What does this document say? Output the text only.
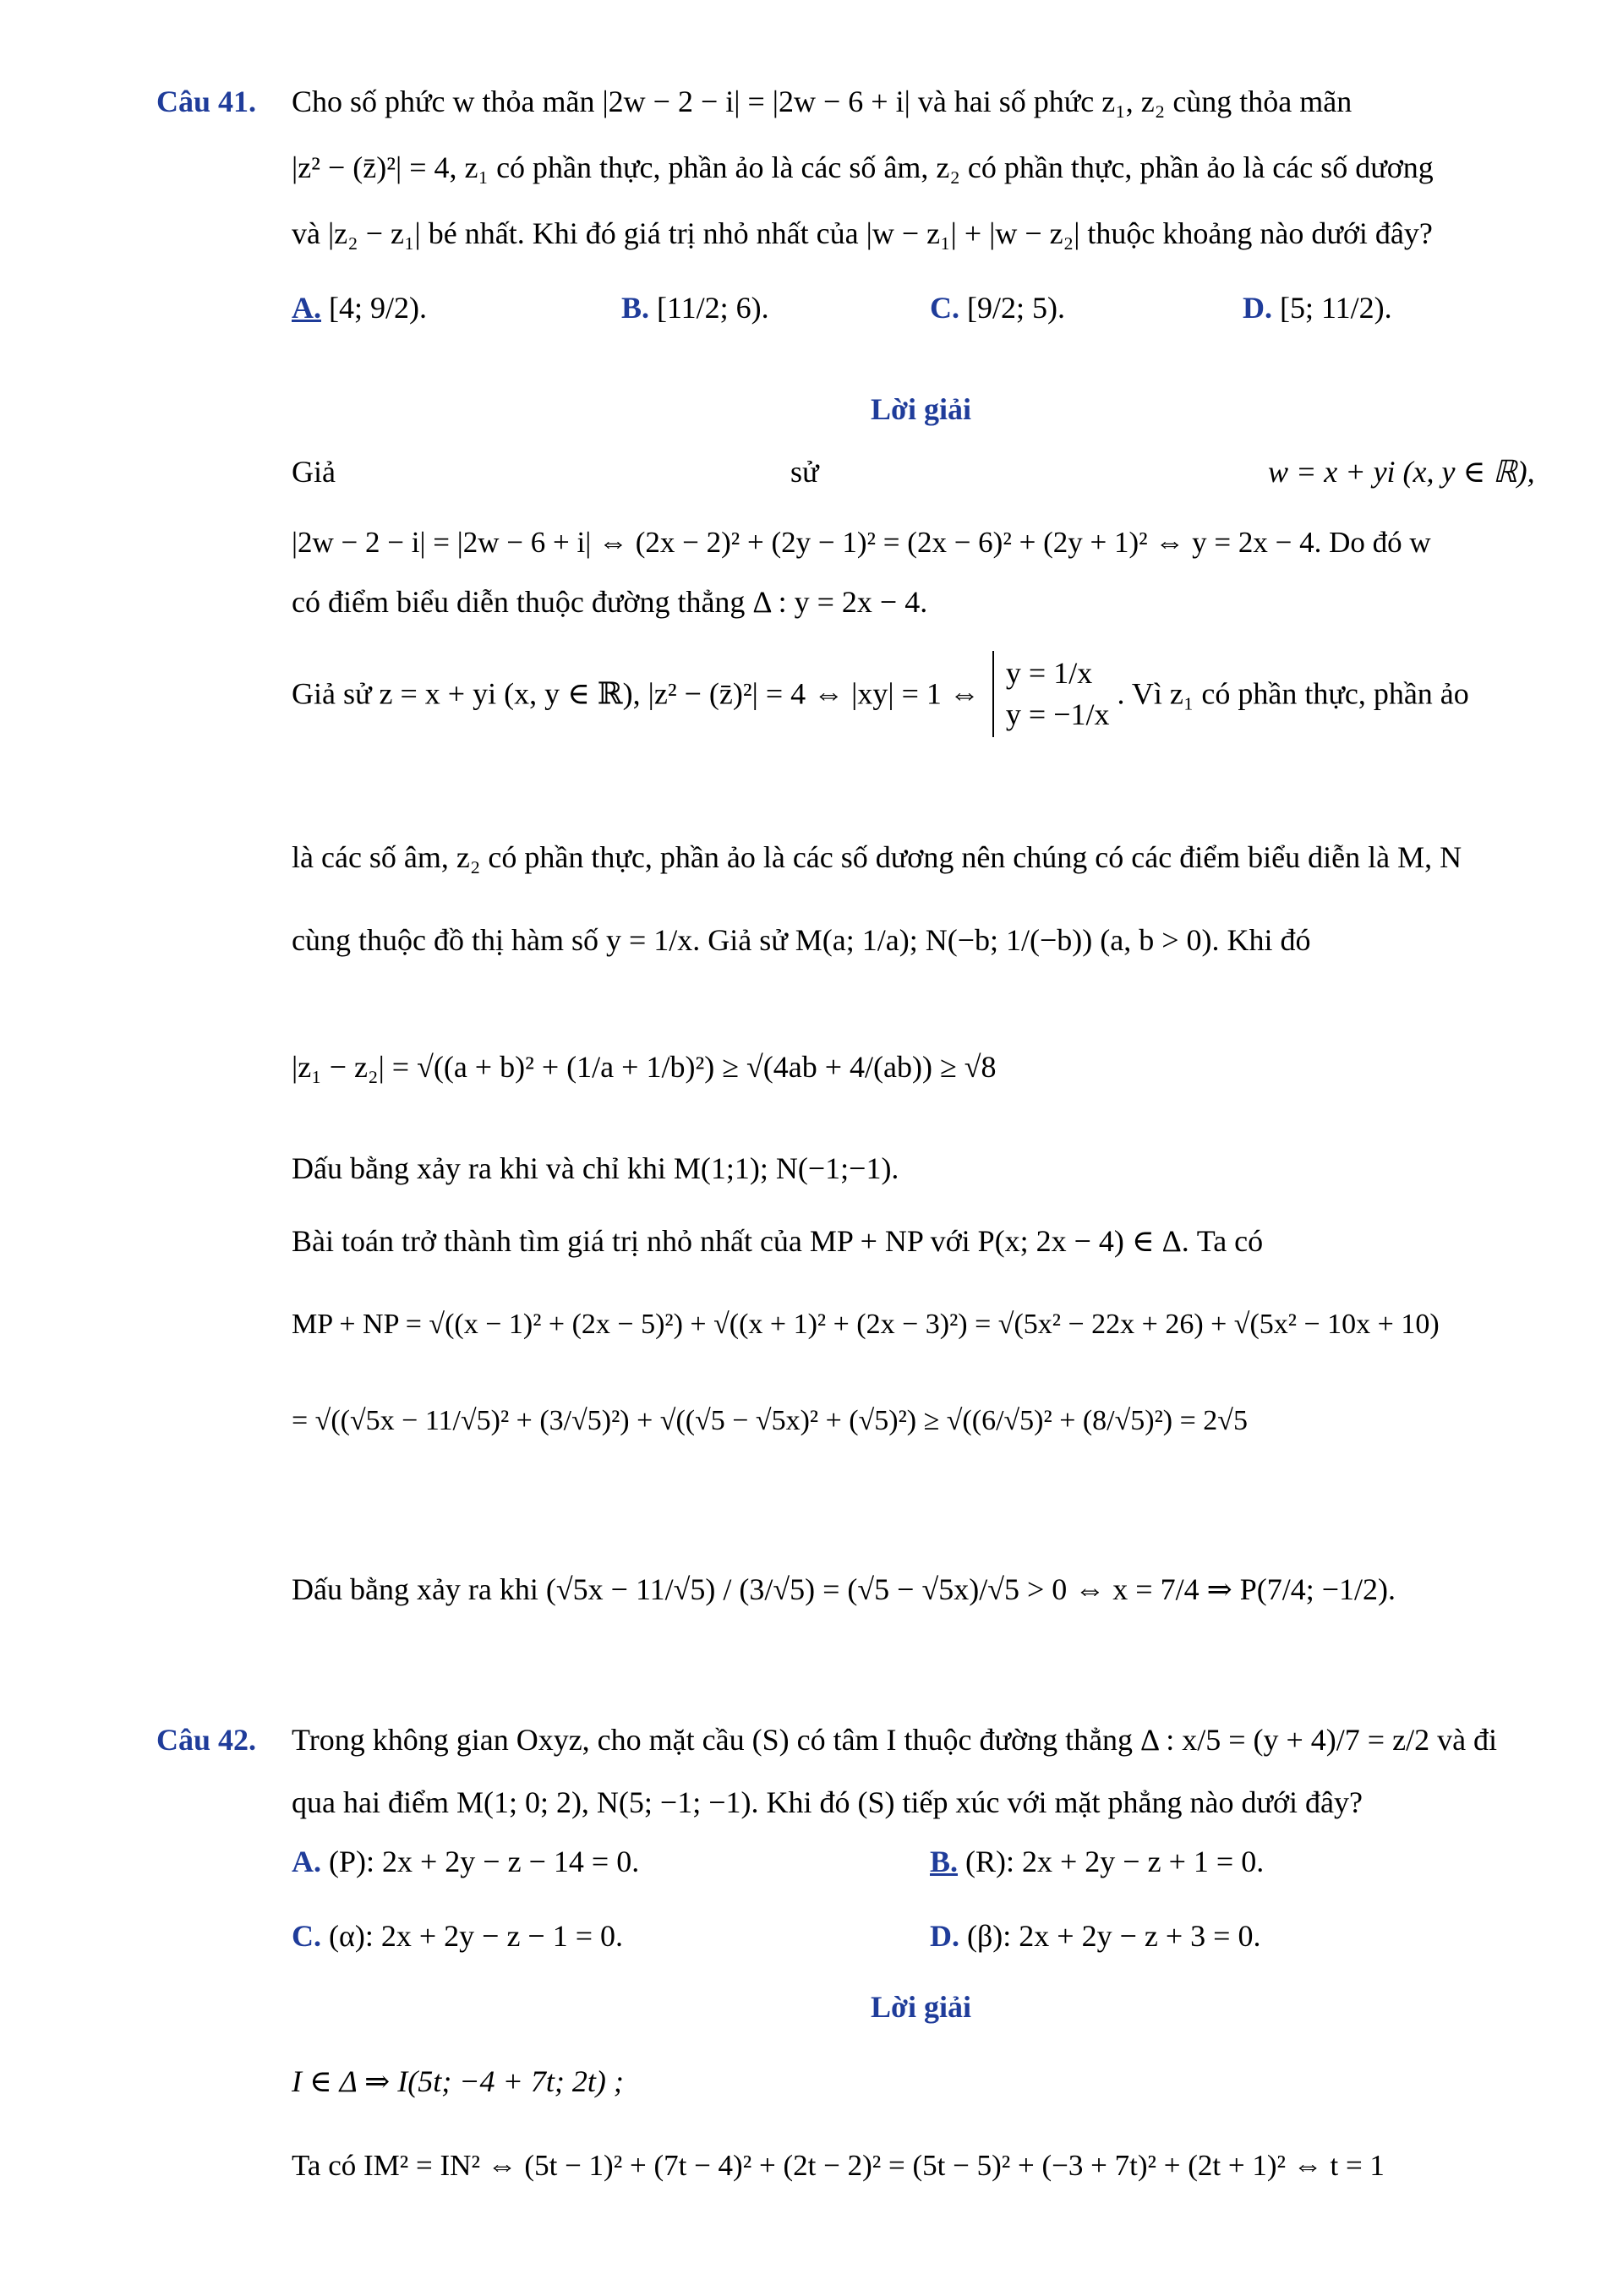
Câu 41. Cho số phức w thỏa mãn |2w − 2 − i| = |2w − 6 + i| và hai số phức z₁, z₂ cùng thỏa mãn
|z² − (z̄)²| = 4, z₁ có phần thực, phần ảo là các số âm, z₂ có phần thực, phần ảo là các số dương
và |z₂ − z₁| bé nhất. Khi đó giá trị nhỏ nhất của |w − z₁| + |w − z₂| thuộc khoảng nào dưới đây?
A. [4; 9/2).	B. [11/2; 6).	C. [9/2; 5).	D. [5; 11/2).
Lời giải
Giả	sử	w = x + yi (x, y ∈ ℝ),
|2w − 2 − i| = |2w − 6 + i| ⇔ (2x − 2)² + (2y − 1)² = (2x − 6)² + (2y + 1)² ⇔ y = 2x − 4. Do đó w
có điểm biểu diễn thuộc đường thẳng Δ : y = 2x − 4.
Giả sử z = x + yi (x, y ∈ ℝ), |z² − (z̄)²| = 4 ⇔ |xy| = 1 ⇔
y = 1/x
y = −1/x
. Vì z₁ có phần thực, phần ảo
là các số âm, z₂ có phần thực, phần ảo là các số dương nên chúng có các điểm biểu diễn là M, N
cùng thuộc đồ thị hàm số y = 1/x. Giả sử M(a; 1/a); N(−b; 1/(−b)) (a, b > 0). Khi đó
|z₁ − z₂| = √((a + b)² + (1/a + 1/b)²) ≥ √(4ab + 4/(ab)) ≥ √8
Dấu bằng xảy ra khi và chỉ khi M(1;1); N(−1;−1).
Bài toán trở thành tìm giá trị nhỏ nhất của MP + NP với P(x; 2x − 4) ∈ Δ. Ta có
MP + NP = √((x − 1)² + (2x − 5)²) + √((x + 1)² + (2x − 3)²) = √(5x² − 22x + 26) + √(5x² − 10x + 10)
= √((√5x − 11/√5)² + (3/√5)²) + √((√5 − √5x)² + (√5)²) ≥ √((6/√5)² + (8/√5)²) = 2√5
Dấu bằng xảy ra khi (√5x − 11/√5) / (3/√5) = (√5 − √5x)/√5 > 0 ⇔ x = 7/4 ⇒ P(7/4; −1/2).
Câu 42. Trong không gian Oxyz, cho mặt cầu (S) có tâm I thuộc đường thẳng Δ : x/5 = (y + 4)/7 = z/2 và đi
qua hai điểm M(1; 0; 2), N(5; −1; −1). Khi đó (S) tiếp xúc với mặt phẳng nào dưới đây?
A. (P): 2x + 2y − z − 14 = 0.	B. (R): 2x + 2y − z + 1 = 0.
C. (α): 2x + 2y − z − 1 = 0.	D. (β): 2x + 2y − z + 3 = 0.
Lời giải
I ∈ Δ ⇒ I(5t; −4 + 7t; 2t) ;
Ta có IM² = IN² ⇔ (5t − 1)² + (7t − 4)² + (2t − 2)² = (5t − 5)² + (−3 + 7t)² + (2t + 1)² ⇔ t = 1
